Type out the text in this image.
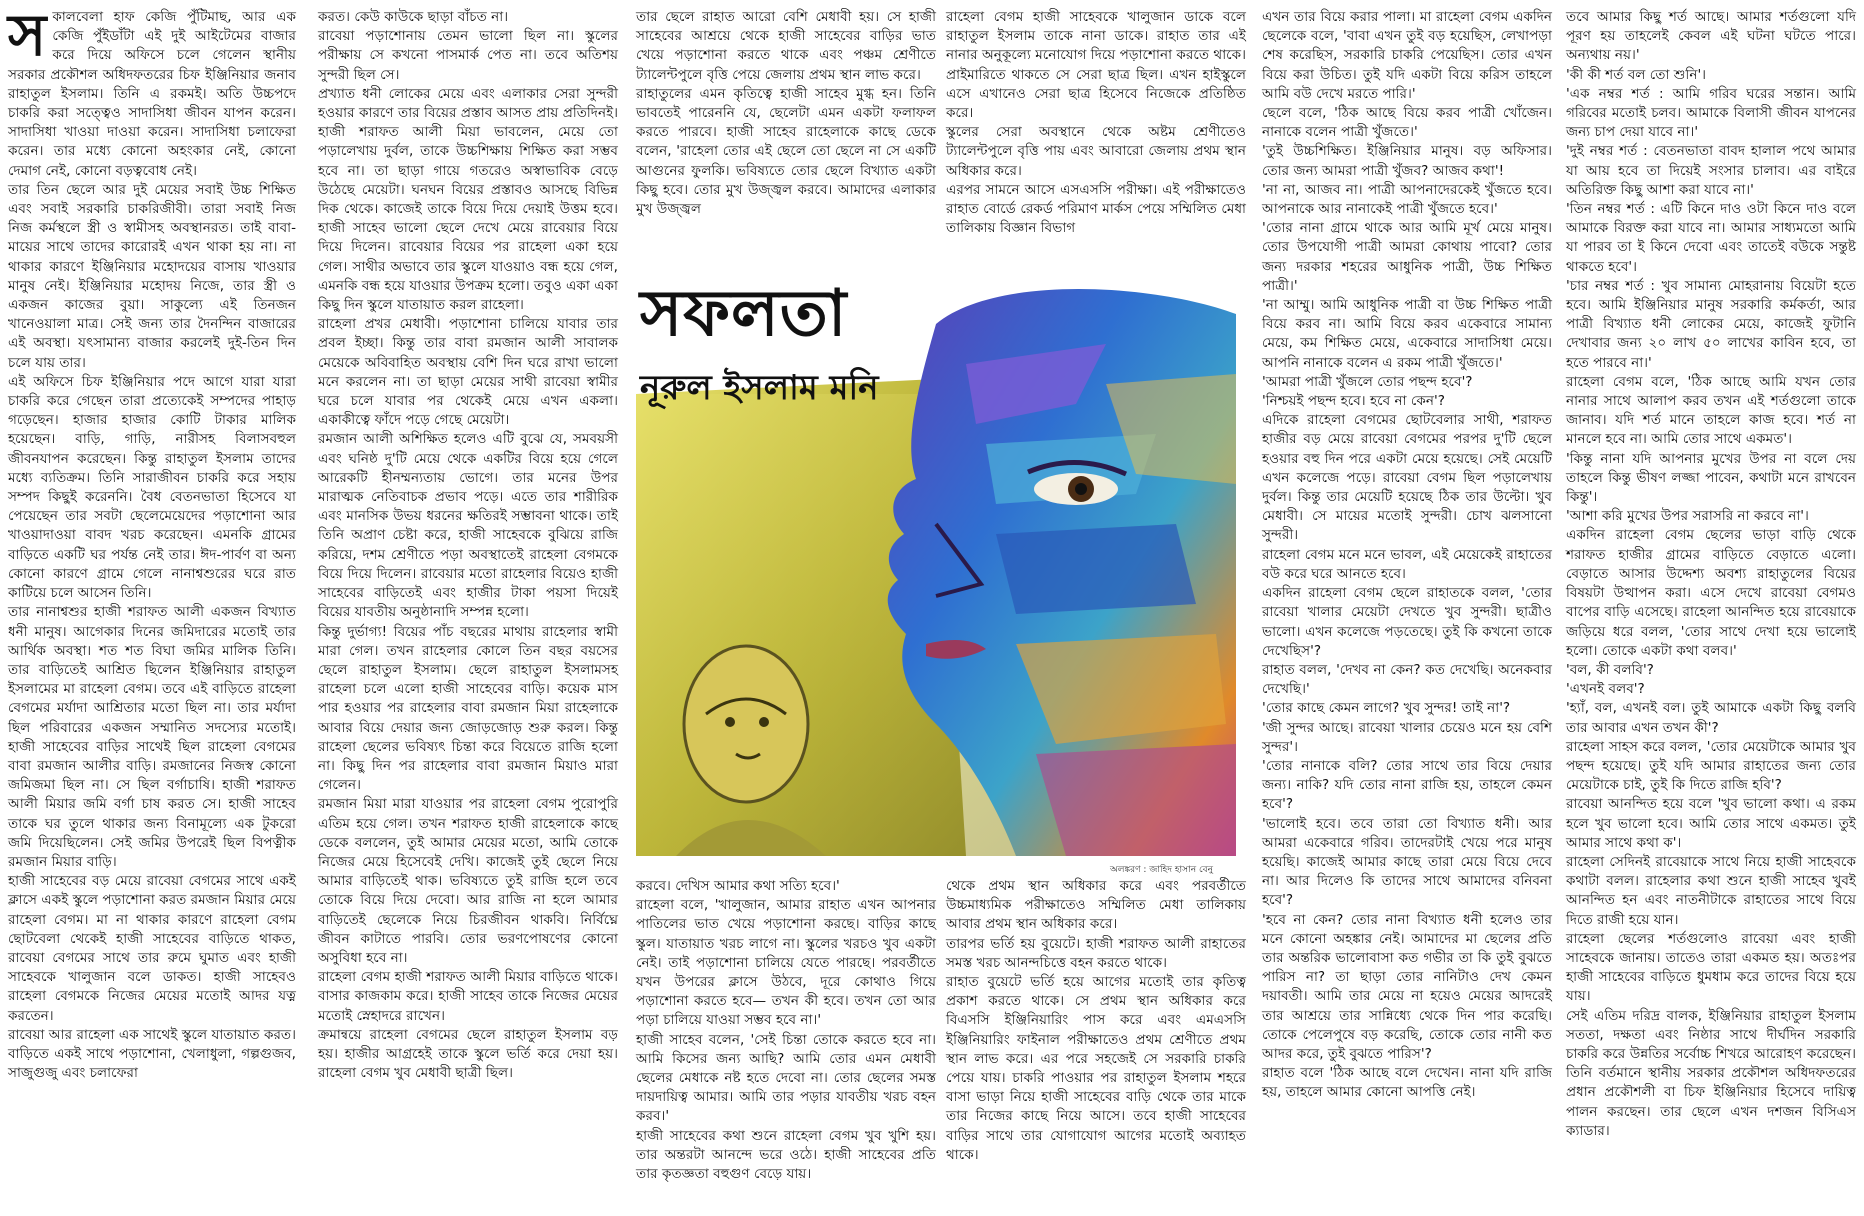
সকালবেলা হাফ কেজি পুঁটিমাছ, আর এক কেজি পুঁইডাঁটা এই দুই আইটেমের বাজার করে দিয়ে অফিসে চলে গেলেন স্থানীয় সরকার প্রকৌশল অধিদফতরের চিফ ইঞ্জিনিয়ার জনাব রাহাতুল ইসলাম। তিনি এ রকমই। অতি উচ্চপদে চাকরি করা সত্ত্বেও সাদাসিধা জীবন যাপন করেন। সাদাসিধা খাওয়া দাওয়া করেন। সাদাসিধা চলাফেরা করেন। তার মধ্যে কোনো অহংকার নেই, কোনো দেমাগ নেই, কোনো বড়ত্ববোধ নেই।
তার তিন ছেলে আর দুই মেয়ের সবাই উচ্চ শিক্ষিত এবং সবাই সরকারি চাকরিজীবী। তারা সবাই নিজ নিজ কর্মস্থলে স্ত্রী ও স্বামীসহ অবস্থানরত। তাই বাবা-মায়ের সাথে তাদের কারোরই এখন থাকা হয় না। না থাকার কারণে ইঞ্জিনিয়ার মহোদয়ের বাসায় খাওয়ার মানুষ নেই। ইঞ্জিনিয়ার মহোদয় নিজে, তার স্ত্রী ও একজন কাজের বুয়া। সাকুল্যে এই তিনজন খানেওয়ালা মাত্র। সেই জন্য তার দৈনন্দিন বাজারের এই অবস্থা। যৎসামান্য বাজার করলেই দুই-তিন দিন চলে যায় তার।
এই অফিসে চিফ ইঞ্জিনিয়ার পদে আগে যারা যারা চাকরি করে গেছেন তারা প্রত্যেকেই সম্পদের পাহাড় গড়েছেন। হাজার হাজার কোটি টাকার মালিক হয়েছেন। বাড়ি, গাড়ি, নারীসহ বিলাসবহুল জীবনযাপন করেছেন। কিন্তু রাহাতুল ইসলাম তাদের মধ্যে ব্যতিক্রম। তিনি সারাজীবন চাকরি করে সহায় সম্পদ কিছুই করেননি। বৈধ বেতনভাতা হিসেবে যা পেয়েছেন তার সবটা ছেলেমেয়েদের পড়াশোনা আর খাওয়াদাওয়া বাবদ খরচ করেছেন। এমনকি গ্রামের বাড়িতে একটি ঘর পর্যন্ত নেই তার। ঈদ-পার্বণ বা অন্য কোনো কারণে গ্রামে গেলে নানাশ্বশুরের ঘরে রাত কাটিয়ে চলে আসেন তিনি।
তার নানাশ্বশুর হাজী শরাফত আলী একজন বিখ্যাত ধনী মানুষ। আগেকার দিনের জমিদারের মতোই তার আর্থিক অবস্থা। শত শত বিঘা জমির মালিক তিনি। তার বাড়িতেই আশ্রিত ছিলেন ইঞ্জিনিয়ার রাহাতুল ইসলামের মা রাহেলা বেগম। তবে এই বাড়িতে রাহেলা বেগমের মর্যাদা আশ্রিতার মতো ছিল না। তার মর্যাদা ছিল পরিবারের একজন সম্মানিত সদস্যের মতোই। হাজী সাহেবের বাড়ির সাথেই ছিল রাহেলা বেগমের বাবা রমজান আলীর বাড়ি। রমজানের নিজস্ব কোনো জমিজমা ছিল না। সে ছিল বর্গাচাষি। হাজী শরাফত আলী মিয়ার জমি বর্গা চাষ করত সে। হাজী সাহেব তাকে ঘর তুলে থাকার জন্য বিনামূল্যে এক টুকরো জমি দিয়েছিলেন। সেই জমির উপরেই ছিল বিপত্নীক রমজান মিয়ার বাড়ি।
হাজী সাহেবের বড় মেয়ে রাবেয়া বেগমের সাথে একই ক্লাসে একই স্কুলে পড়াশোনা করত রমজান মিয়ার মেয়ে রাহেলা বেগম। মা না থাকার কারণে রাহেলা বেগম ছোটবেলা থেকেই হাজী সাহেবের বাড়িতে থাকত, রাবেয়া বেগমের সাথে তার রুমে ঘুমাত এবং হাজী সাহেবকে খালুজান বলে ডাকত। হাজী সাহেবও রাহেলা বেগমকে নিজের মেয়ের মতোই আদর যত্ন করতেন।
রাবেয়া আর রাহেলা এক সাথেই স্কুলে যাতায়াত করত। বাড়িতে একই সাথে পড়াশোনা, খেলাধুলা, গল্পগুজব, সাজুগুজু এবং চলাফেরা
করত। কেউ কাউকে ছাড়া বাঁচত না।
রাবেয়া পড়াশোনায় তেমন ভালো ছিল না। স্কুলের পরীক্ষায় সে কখনো পাসমার্ক পেত না। তবে অতিশয় সুন্দরী ছিল সে।
প্রখ্যাত ধনী লোকের মেয়ে এবং এলাকার সেরা সুন্দরী হওয়ার কারণে তার বিয়ের প্রস্তাব আসত প্রায় প্রতিদিনই। হাজী শরাফত আলী মিয়া ভাবলেন, মেয়ে তো পড়ালেখায় দুর্বল, তাকে উচ্চশিক্ষায় শিক্ষিত করা সম্ভব হবে না। তা ছাড়া গায়ে গতরেও অস্বাভাবিক বেড়ে উঠেছে মেয়েটা। ঘনঘন বিয়ের প্রস্তাবও আসছে বিভিন্ন দিক থেকে। কাজেই তাকে বিয়ে দিয়ে দেয়াই উত্তম হবে। হাজী সাহেব ভালো ছেলে দেখে মেয়ে রাবেয়ার বিয়ে দিয়ে দিলেন। রাবেয়ার বিয়ের পর রাহেলা একা হয়ে গেল। সাথীর অভাবে তার স্কুলে যাওয়াও বন্ধ হয়ে গেল, এমনকি বন্ধ হয়ে যাওয়ার উপক্রম হলো। তবুও একা একা কিছু দিন স্কুলে যাতায়াত করল রাহেলা।
রাহেলা প্রখর মেধাবী। পড়াশোনা চালিয়ে যাবার তার প্রবল ইচ্ছা। কিন্তু তার বাবা রমজান আলী সাবালক মেয়েকে অবিবাহিত অবস্থায় বেশি দিন ঘরে রাখা ভালো মনে করলেন না। তা ছাড়া মেয়ের সাথী রাবেয়া স্বামীর ঘরে চলে যাবার পর থেকেই মেয়ে এখন একলা। একাকীত্বে ফাঁদে পড়ে গেছে মেয়েটা।
রমজান আলী অশিক্ষিত হলেও এটি বুঝে যে, সমবয়সী এবং ঘনিষ্ঠ দু'টি মেয়ে থেকে একটির বিয়ে হয়ে গেলে আরেকটি হীনম্মন্যতায় ভোগে। তার মনের উপর মারাত্মক নেতিবাচক প্রভাব পড়ে। এতে তার শারীরিক এবং মানসিক উভয় ধরনের ক্ষতিরই সম্ভাবনা থাকে। তাই তিনি অপ্রাণ চেষ্টা করে, হাজী সাহেবকে বুঝিয়ে রাজি করিয়ে, দশম শ্রেণীতে পড়া অবস্থাতেই রাহেলা বেগমকে বিয়ে দিয়ে দিলেন। রাবেয়ার মতো রাহেলার বিয়েও হাজী সাহেবের বাড়িতেই এবং হাজীর টাকা পয়সা দিয়েই বিয়ের যাবতীয় অনুষ্ঠানাদি সম্পন্ন হলো।
কিন্তু দুর্ভাগ্য! বিয়ের পাঁচ বছরের মাথায় রাহেলার স্বামী মারা গেল। তখন রাহেলার কোলে তিন বছর বয়সের ছেলে রাহাতুল ইসলাম। ছেলে রাহাতুল ইসলামসহ রাহেলা চলে এলো হাজী সাহেবের বাড়ি। কয়েক মাস পার হওয়ার পর রাহেলার বাবা রমজান মিয়া রাহেলাকে আবার বিয়ে দেয়ার জন্য জোড়জোড় শুরু করল। কিন্তু রাহেলা ছেলের ভবিষ্যৎ চিন্তা করে বিয়েতে রাজি হলো না। কিছু দিন পর রাহেলার বাবা রমজান মিয়াও মারা গেলেন।
রমজান মিয়া মারা যাওয়ার পর রাহেলা বেগম পুরোপুরি এতিম হয়ে গেল। তখন শরাফত হাজী রাহেলাকে কাছে ডেকে বললেন, তুই আমার মেয়ের মতো, আমি তোকে নিজের মেয়ে হিসেবেই দেখি। কাজেই তুই ছেলে নিয়ে আমার বাড়িতেই থাক। ভবিষ্যতে তুই রাজি হলে তবে তোকে বিয়ে দিয়ে দেবো। আর রাজি না হলে আমার বাড়িতেই ছেলেকে নিয়ে চিরজীবন থাকবি। নির্বিঘ্নে জীবন কাটাতে পারবি। তোর ভরণপোষণের কোনো অসুবিধা হবে না।
রাহেলা বেগম হাজী শরাফত আলী মিয়ার বাড়িতে থাকে। বাসার কাজকাম করে। হাজী সাহেব তাকে নিজের মেয়ের মতোই স্নেহাদরে রাখেন।
ক্রমান্বয়ে রাহেলা বেগমের ছেলে রাহাতুল ইসলাম বড় হয়। হাজীর আগ্রহেই তাকে স্কুলে ভর্তি করে দেয়া হয়। রাহেলা বেগম খুব মেধাবী ছাত্রী ছিল।
তার ছেলে রাহাত আরো বেশি মেধাবী হয়। সে হাজী সাহেবের আশ্রয়ে থেকে হাজী সাহেবের বাড়ির ভাত খেয়ে পড়াশোনা করতে থাকে এবং পঞ্চম শ্রেণীতে ট্যালেন্টপুলে বৃত্তি পেয়ে জেলায় প্রথম স্থান লাভ করে।
রাহাতুলের এমন কৃতিত্বে হাজী সাহেব মুগ্ধ হন। তিনি ভাবতেই পারেননি যে, ছেলেটা এমন একটা ফলাফল করতে পারবে। হাজী সাহেব রাহেলাকে কাছে ডেকে বলেন, 'রাহেলা তোর এই ছেলে তো ছেলে না সে একটি আগুনের ফুলকি। ভবিষ্যতে তোর ছেলে বিখ্যাত একটা কিছু হবে। তোর মুখ উজ্জ্বল করবে। আমাদের এলাকার মুখ উজ্জ্বল
রাহেলা বেগম হাজী সাহেবকে খালুজান ডাকে বলে রাহাতুল ইসলাম তাকে নানা ডাকে। রাহাত তার এই নানার অনুকূল্যে মনোযোগ দিয়ে পড়াশোনা করতে থাকে। প্রাইমারিতে থাকতে সে সেরা ছাত্র ছিল। এখন হাইস্কুলে এসে এখানেও সেরা ছাত্র হিসেবে নিজেকে প্রতিষ্ঠিত করে।
স্কুলের সেরা অবস্থানে থেকে অষ্টম শ্রেণীতেও ট্যালেন্টপুলে বৃত্তি পায় এবং আবারো জেলায় প্রথম স্থান অধিকার করে।
এরপর সামনে আসে এসএসসি পরীক্ষা। এই পরীক্ষাতেও রাহাত বোর্ডে রেকর্ড পরিমাণ মার্কস পেয়ে সম্মিলিত মেধা তালিকায় বিজ্ঞান বিভাগ
সফলতা
নূরুল ইসলাম মনি
অলঙ্করণ : জাহিদ হাসান বেনু
করবে। দেখিস আমার কথা সত্যি হবে।'
রাহেলা বলে, 'খালুজান, আমার রাহাত এখন আপনার পাতিলের ভাত খেয়ে পড়াশোনা করছে। বাড়ির কাছে স্কুল। যাতায়াত খরচ লাগে না। স্কুলের খরচও খুব একটা নেই। তাই পড়াশোনা চালিয়ে যেতে পারছে। পরবর্তীতে যখন উপরের ক্লাসে উঠবে, দূরে কোথাও গিয়ে পড়াশোনা করতে হবে— তখন কী হবে। তখন তো আর পড়া চালিয়ে যাওয়া সম্ভব হবে না।'
হাজী সাহেব বলেন, 'সেই চিন্তা তোকে করতে হবে না। আমি কিসের জন্য আছি? আমি তোর এমন মেধাবী ছেলের মেধাকে নষ্ট হতে দেবো না। তোর ছেলের সমস্ত দায়দায়িত্ব আমার। আমি তার পড়ার যাবতীয় খরচ বহন করব।'
হাজী সাহেবের কথা শুনে রাহেলা বেগম খুব খুশি হয়। তার অন্তরটা আনন্দে ভরে ওঠে। হাজী সাহেবের প্রতি তার কৃতজ্ঞতা বহুগুণ বেড়ে যায়।
থেকে প্রথম স্থান অধিকার করে এবং পরবর্তীতে উচ্চমাধ্যমিক পরীক্ষাতেও সম্মিলিত মেধা তালিকায় আবার প্রথম স্থান অধিকার করে।
তারপর ভর্তি হয় বুয়েটে। হাজী শরাফত আলী রাহাতের সমস্ত খরচ আনন্দচিত্তে বহন করতে থাকে।
রাহাত বুয়েটে ভর্তি হয়ে আগের মতোই তার কৃতিত্ব প্রকাশ করতে থাকে। সে প্রথম স্থান অধিকার করে বিএসসি ইঞ্জিনিয়ারিং পাস করে এবং এমএসসি ইঞ্জিনিয়ারিং ফাইনাল পরীক্ষাতেও প্রথম শ্রেণীতে প্রথম স্থান লাভ করে। এর পরে সহজেই সে সরকারি চাকরি পেয়ে যায়। চাকরি পাওয়ার পর রাহাতুল ইসলাম শহরে বাসা ভাড়া নিয়ে হাজী সাহেবের বাড়ি থেকে তার মাকে তার নিজের কাছে নিয়ে আসে। তবে হাজী সাহেবের বাড়ির সাথে তার যোগাযোগ আগের মতোই অব্যাহত থাকে।
এখন তার বিয়ে করার পালা। মা রাহেলা বেগম একদিন ছেলেকে বলে, 'বাবা এখন তুই বড় হয়েছিস, লেখাপড়া শেষ করেছিস, সরকারি চাকরি পেয়েছিস। তোর এখন বিয়ে করা উচিত। তুই যদি একটা বিয়ে করিস তাহলে আমি বউ দেখে মরতে পারি।'
ছেলে বলে, 'ঠিক আছে বিয়ে করব পাত্রী খোঁজেন। নানাকে বলেন পাত্রী খুঁজতে।'
'তুই উচ্চশিক্ষিত। ইঞ্জিনিয়ার মানুষ। বড় অফিসার। তোর জন্য আমরা পাত্রী খুঁজব? আজব কথা'!
'না না, আজব না। পাত্রী আপনাদেরকেই খুঁজতে হবে। আপনাকে আর নানাকেই পাত্রী খুঁজতে হবে।'
'তোর নানা গ্রামে থাকে আর আমি মূর্খ মেয়ে মানুষ। তোর উপযোগী পাত্রী আমরা কোথায় পাবো? তোর জন্য দরকার শহরের আধুনিক পাত্রী, উচ্চ শিক্ষিত পাত্রী।'
'না আম্মু। আমি আধুনিক পাত্রী বা উচ্চ শিক্ষিত পাত্রী বিয়ে করব না। আমি বিয়ে করব একেবারে সামান্য মেয়ে, কম শিক্ষিত মেয়ে, একেবারে সাদাসিধা মেয়ে। আপনি নানাকে বলেন এ রকম পাত্রী খুঁজতে।'
'আমরা পাত্রী খুঁজলে তোর পছন্দ হবে'?
'নিশ্চয়ই পছন্দ হবে। হবে না কেন'?
এদিকে রাহেলা বেগমের ছোটবেলার সাথী, শরাফত হাজীর বড় মেয়ে রাবেয়া বেগমের পরপর দু'টি ছেলে হওয়ার বহু দিন পরে একটা মেয়ে হয়েছে। সেই মেয়েটি এখন কলেজে পড়ে। রাবেয়া বেগম ছিল পড়ালেখায় দুর্বল। কিন্তু তার মেয়েটি হয়েছে ঠিক তার উল্টো। খুব মেধাবী। সে মায়ের মতোই সুন্দরী। চোখ ঝলসানো সুন্দরী।
রাহেলা বেগম মনে মনে ভাবল, এই মেয়েকেই রাহাতের বউ করে ঘরে আনতে হবে।
একদিন রাহেলা বেগম ছেলে রাহাতকে বলল, 'তোর রাবেয়া খালার মেয়েটা দেখতে খুব সুন্দরী। ছাত্রীও ভালো। এখন কলেজে পড়তেছে। তুই কি কখনো তাকে দেখেছিস'?
রাহাত বলল, 'দেখব না কেন? কত দেখেছি। অনেকবার দেখেছি।'
'তোর কাছে কেমন লাগে? খুব সুন্দর! তাই না'?
'জী সুন্দর আছে। রাবেয়া খালার চেয়েও মনে হয় বেশি সুন্দর'।
'তোর নানাকে বলি? তোর সাথে তার বিয়ে দেয়ার জন্য। নাকি? যদি তোর নানা রাজি হয়, তাহলে কেমন হবে'?
'ভালোই হবে। তবে তারা তো বিখ্যাত ধনী। আর আমরা একেবারে গরিব। তাদেরটাই খেয়ে পরে মানুষ হয়েছি। কাজেই আমার কাছে তারা মেয়ে বিয়ে দেবে না। আর দিলেও কি তাদের সাথে আমাদের বনিবনা হবে'?
'হবে না কেন? তোর নানা বিখ্যাত ধনী হলেও তার মনে কোনো অহঙ্কার নেই। আমাদের মা ছেলের প্রতি তার অন্তরিক ভালোবাসা কত গভীর তা কি তুই বুঝতে পারিস না? তা ছাড়া তোর নানিটাও দেখ কেমন দয়াবতী। আমি তার মেয়ে না হয়েও মেয়ের আদরেই তার আশ্রয়ে তার সান্নিধ্যে থেকে দিন পার করেছি। তোকে পেলেপুষে বড় করেছি, তোকে তোর নানী কত আদর করে, তুই বুঝতে পারিস'?
রাহাত বলে 'ঠিক আছে বলে দেখেন। নানা যদি রাজি হয়, তাহলে আমার কোনো আপত্তি নেই।
তবে আমার কিছু শর্ত আছে। আমার শর্তগুলো যদি পূরণ হয় তাহলেই কেবল এই ঘটনা ঘটতে পারে। অন্যথায় নয়।'
'কী কী শর্ত বল তো শুনি'।
'এক নম্বর শর্ত : আমি গরিব ঘরের সন্তান। আমি গরিবের মতোই চলব। আমাকে বিলাসী জীবন যাপনের জন্য চাপ দেয়া যাবে না।'
'দুই নম্বর শর্ত : বেতনভাতা বাবদ হালাল পথে আমার যা আয় হবে তা দিয়েই সংসার চালাব। এর বাইরে অতিরিক্ত কিছু আশা করা যাবে না।'
'তিন নম্বর শর্ত : এটি কিনে দাও ওটা কিনে দাও বলে আমাকে বিরক্ত করা যাবে না। আমার সাধ্যমতো আমি যা পারব তা ই কিনে দেবো এবং তাতেই বউকে সন্তুষ্ট থাকতে হবে'।
'চার নম্বর শর্ত : খুব সামান্য মোহরানায় বিয়েটা হতে হবে। আমি ইঞ্জিনিয়ার মানুষ সরকারি কর্মকর্তা, আর পাত্রী বিখ্যাত ধনী লোকের মেয়ে, কাজেই ফুটানি দেখাবার জন্য ২০ লাখ ৫০ লাখের কাবিন হবে, তা হতে পারবে না।'
রাহেলা বেগম বলে, 'ঠিক আছে আমি যখন তোর নানার সাথে আলাপ করব তখন এই শর্তগুলো তাকে জানাব। যদি শর্ত মানে তাহলে কাজ হবে। শর্ত না মানলে হবে না। আমি তোর সাথে একমত'।
'কিন্তু নানা যদি আপনার মুখের উপর না বলে দেয় তাহলে কিন্তু ভীষণ লজ্জা পাবেন, কথাটা মনে রাখবেন কিন্তু'।
'আশা করি মুখের উপর সরাসরি না করবে না'।
একদিন রাহেলা বেগম ছেলের ভাড়া বাড়ি থেকে শরাফত হাজীর গ্রামের বাড়িতে বেড়াতে এলো। বেড়াতে আসার উদ্দেশ্য অবশ্য রাহাতুলের বিয়ের বিষয়টা উত্থাপন করা। এসে দেখে রাবেয়া বেগমও বাপের বাড়ি এসেছে। রাহেলা আনন্দিত হয়ে রাবেয়াকে জড়িয়ে ধরে বলল, 'তোর সাথে দেখা হয়ে ভালোই হলো। তোকে একটা কথা বলব।'
'বল, কী বলবি'?
'এখনই বলব'?
'হ্যাঁ, বল, এখনই বল। তুই আমাকে একটা কিছু বলবি তার আবার এখন তখন কী'?
রাহেলা সাহস করে বলল, 'তোর মেয়েটাকে আমার খুব পছন্দ হয়েছে। তুই যদি আমার রাহাতের জন্য তোর মেয়েটাকে চাই, তুই কি দিতে রাজি হবি'?
রাবেয়া আনন্দিত হয়ে বলে 'খুব ভালো কথা। এ রকম হলে খুব ভালো হবে। আমি তোর সাথে একমত। তুই আমার সাথে কথা ক'।
রাহেলা সেদিনই রাবেয়াকে সাথে নিয়ে হাজী সাহেবকে কথাটা বলল। রাহেলার কথা শুনে হাজী সাহেব খুবই আনন্দিত হন এবং নাতনীটাকে রাহাতের সাথে বিয়ে দিতে রাজী হয়ে যান।
রাহেলা ছেলের শর্তগুলোও রাবেয়া এবং হাজী সাহেবকে জানায়। তাতেও তারা একমত হয়। অতঃপর হাজী সাহেবের বাড়িতে ধুমধাম করে তাদের বিয়ে হয়ে যায়।
সেই এতিম দরিদ্র বালক, ইঞ্জিনিয়ার রাহাতুল ইসলাম সততা, দক্ষতা এবং নিষ্ঠার সাথে দীর্ঘদিন সরকারি চাকরি করে উন্নতির সর্বোচ্চ শিখরে আরোহণ করেছেন। তিনি বর্তমানে স্থানীয় সরকার প্রকৌশল অধিদফতরের প্রধান প্রকৌশলী বা চিফ ইঞ্জিনিয়ার হিসেবে দায়িত্ব পালন করছেন। তার ছেলে এখন দশজন বিসিএস ক্যাডার।
